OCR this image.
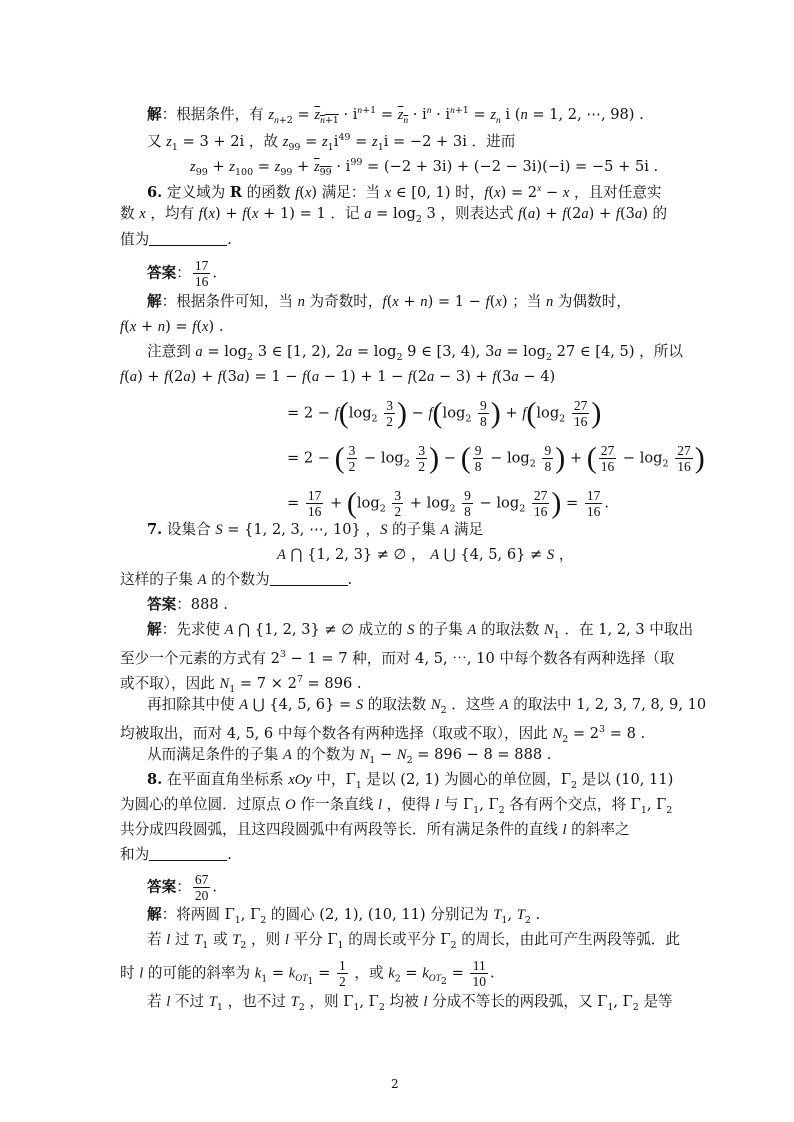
解：根据条件，有 $z_{n+2} = z_{n+1} \cdot i^{n+1} = z_n \cdot i^n \cdot i^{n+1} = z_n$ i (n = 1, 2, ⋯, 98) .
又 $z_1 = 3 + 2i$ ，故 $z_{99} = z_1i^{49} = z_1i = -2 + 3i$ ．进而
$z_{99} + z_{100} = z_{99} + z_{99} \cdot i^{99} = (-2 + 3i) + (-2 - 3i)(-i) = -5 + 5i$ .
6. 定义域为 R 的函数 f(x) 满足：当 x ∈ [0, 1) 时，$f(x) = 2^x - x$ ，且对任意实
数 x ，均有 f(x) + f(x + 1) = 1 ．记 $a = \log_2 3$ ，则表达式 f(a) + f(2a) + f(3a) 的
值为	.
答案： $\frac{17}{16}$ .
解：根据条件可知，当 n 为奇数时，f(x + n) = 1 − f(x) ；当 n 为偶数时，
f(x + n) = f(x) .
注意到 $a = \log_2 3$ ∈ [1, 2), $2a = \log_2 9$ ∈ [3, 4), $3a = \log_2 27$ ∈ [4, 5) ，所以
f(a) + f(2a) + f(3a) = 1 − f(a − 1) + 1 − f(2a − 3) + f(3a − 4)
= $2 - f(\log_2 \frac{3}{2}$ ) − $f(\log_2 \frac{9}{8}$ ) + $f(\log_2 \frac{27}{16}$ )
= 2 − ( $\frac{3}{2} - \log_2 \frac{3}{2}$ ) − ( $\frac{9}{8} - \log_2 \frac{9}{8}$ ) + ( $\frac{27}{16} - \log_2 \frac{27}{16}$ )
= $\frac{17}{16} + (\log_2 \frac{3}{2} + \log_2 \frac{9}{8} - \log_2 \frac{27}{16}$ ) = $\frac{17}{16}$ .
7. 设集合 S = {1, 2, 3, ⋯, 10} ，S 的子集 A 满足
A ⋂ {1, 2, 3} ≠ ∅ ， A ⋃ {4, 5, 6} ≠ S ，
这样的子集 A 的个数为	.
答案：888 .
解：先求使 A ⋂ {1, 2, 3} ≠ ∅ 成立的 S 的子集 A 的取法数 $N_1$ ．在 1, 2, 3 中取出
至少一个元素的方式有 $2^3 - 1 = 7$ 种，而对 4, 5, ⋯, 10 中每个数各有两种选择（取
或不取），因此 $N_1 = 7 \times 2^7 = 896$ .
再扣除其中使 A ⋃ {4, 5, 6} = S 的取法数 $N_2$ ．这些 A 的取法中 1, 2, 3, 7, 8, 9, 10
均被取出，而对 4, 5, 6 中每个数各有两种选择（取或不取），因此 $N_2 = 2^3 = 8$ .
从而满足条件的子集 A 的个数为 $N_1 - N_2 = 896 - 8 = 888$ .
8. 在平面直角坐标系 xOy 中，$\Gamma_1$ 是以 (2, 1) 为圆心的单位圆，$\Gamma_2$ 是以 (10, 11)
为圆心的单位圆．过原点 O 作一条直线 l ，使得 l 与 $\Gamma_1$, $\Gamma_2$ 各有两个交点，将 $\Gamma_1$, $\Gamma_2$
共分成四段圆弧，且这四段圆弧中有两段等长．所有满足条件的直线 l 的斜率之
和为	.
答案： $\frac{67}{20}$ .
解：将两圆 $\Gamma_1$, $\Gamma_2$ 的圆心 (2, 1), (10, 11) 分别记为 $T_1$, $T_2$ .
若 l 过 $T_1$ 或 $T_2$ ，则 l 平分 $\Gamma_1$ 的周长或平分 $\Gamma_2$ 的周长，由此可产生两段等弧．此
时 l 的可能的斜率为 $k_1 = k_{OT_1} = \frac{1}{2}$ ，或 $k_2 = k_{OT_2} = \frac{11}{10}$ .
若 l 不过 $T_1$ ，也不过 $T_2$ ，则 $\Gamma_1$, $\Gamma_2$ 均被 l 分成不等长的两段弧，又 $\Gamma_1$, $\Gamma_2$ 是等
2
